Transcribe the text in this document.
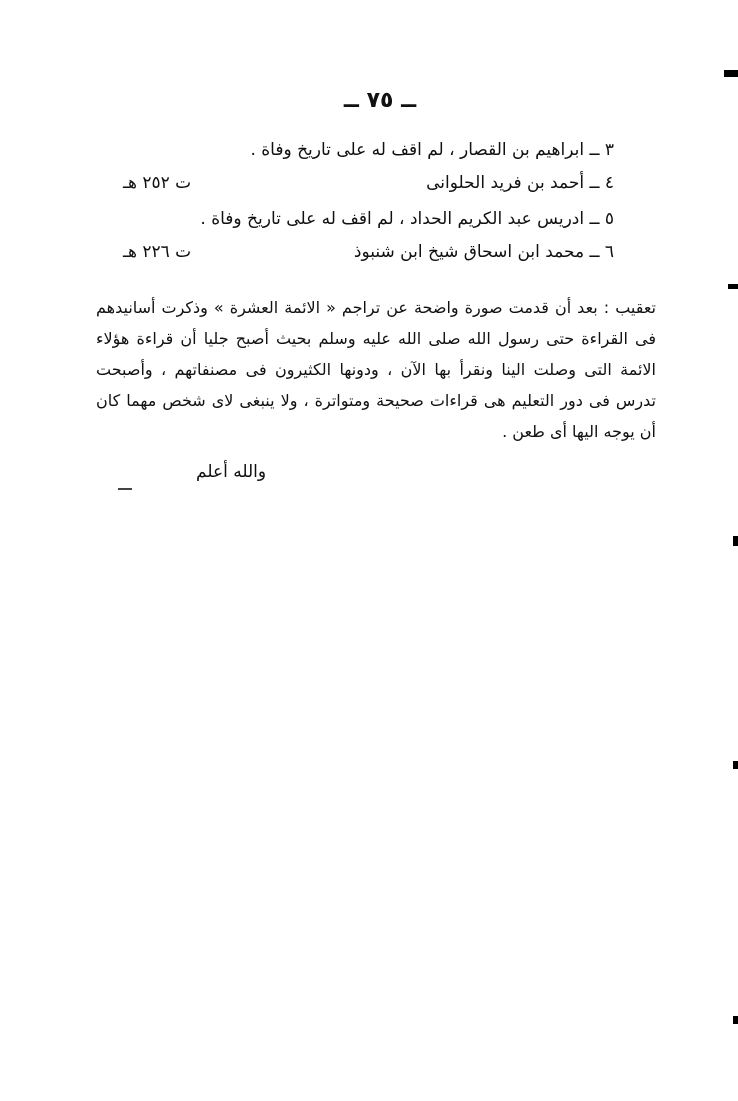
ــ ٧٥ ــ
٣ ــ ابراهيم بن القصار ، لم اقف له على تاريخ وفاة .
٤ ــ أحمد بن فريد الحلوانى
ت ٢٥٢ هـ
٥ ــ ادريس عبد الكريم الحداد ، لم اقف له على تاريخ وفاة .
٦ ــ محمد ابن اسحاق شيخ ابن شنبوذ
ت ٢٢٦ هـ
تعقيب : بعد أن قدمت صورة واضحة عن تراجم « الائمة العشرة » وذكرت أسانيدهم فى القراءة حتى رسول الله صلى الله عليه وسلم بحيث أصبح جليا أن قراءة هؤلاء الائمة التى وصلت الينا ونقرأ بها الآن ، ودونها الكثيرون فى مصنفاتهم ، وأصبحت تدرس فى دور التعليم هى قراءات صحيحة ومتواترة ، ولا ينبغى لاى شخص مهما كان أن يوجه اليها أى طعن .
والله أعلم
